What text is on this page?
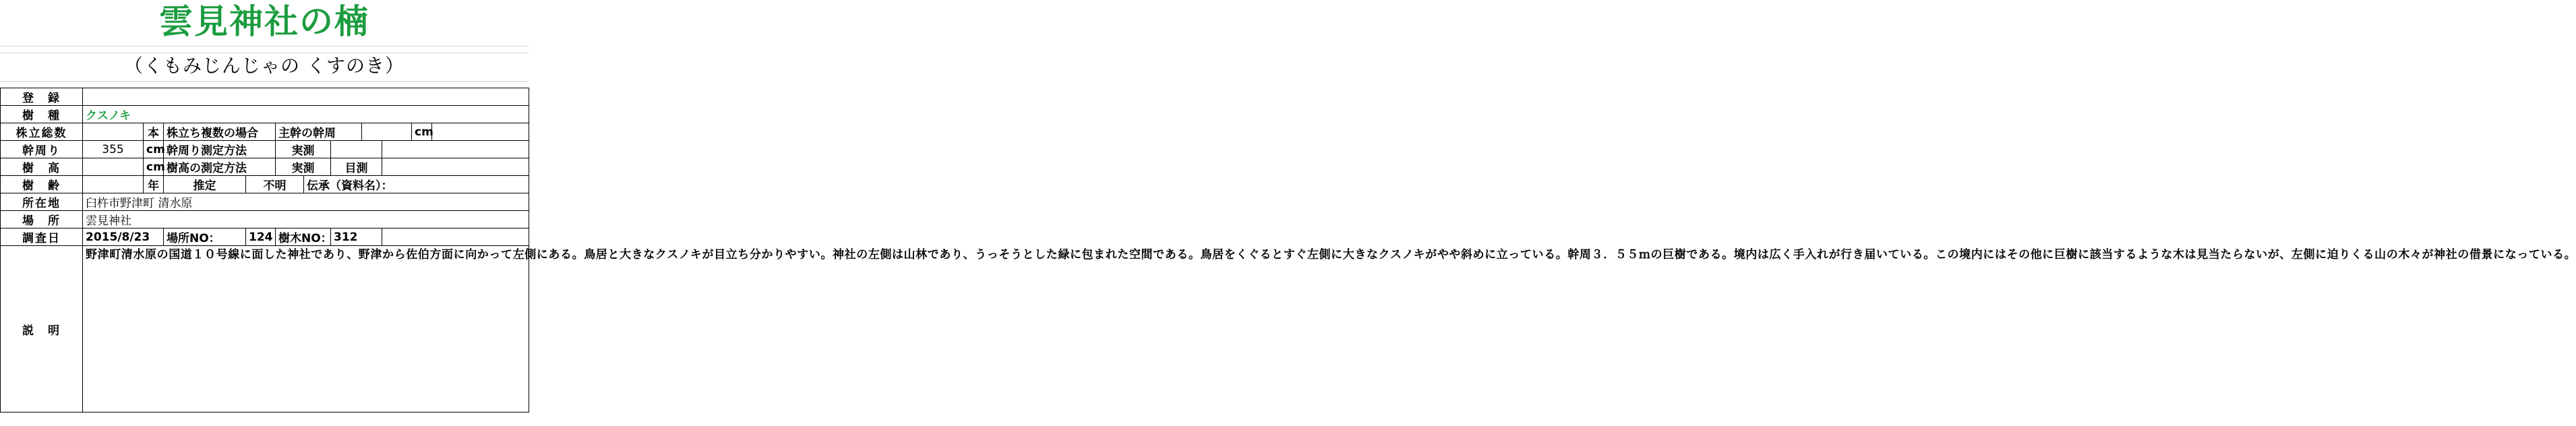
雲見神社の楠
（くもみじんじゃの くすのき）
登　録											
樹　種	クスノキ										
株立総数		本	株立ち複数の場合		主幹の幹周					cm	
幹周り	355	cm	幹周り測定方法		実測						
樹　高		cm	樹高の測定方法		実測		目測				
樹　齢		年	推定	不明		伝承（資料名）：					
所在地	臼杵市野津町 清水原										
場　所	雲見神社										
調査日	2015/8/23		場所NO：	124	樹木NO：		312				
説　明	野津町清水原の国道１０号線に面した神社であり、野津から佐伯方面に向かって左側にある。鳥居と大きなクスノキが目立ち分かりやすい。神社の左側は山林であり、うっそうとした緑に包まれた空間である。鳥居をくぐるとすぐ左側に大きなクスノキがやや斜めに立っている。幹周３．５５ｍの巨樹である。境内は広く手入れが行き届いている。この境内にはその他に巨樹に該当するような木は見当たらないが、左側に迫りくる山の木々が神社の借景になっている。										
